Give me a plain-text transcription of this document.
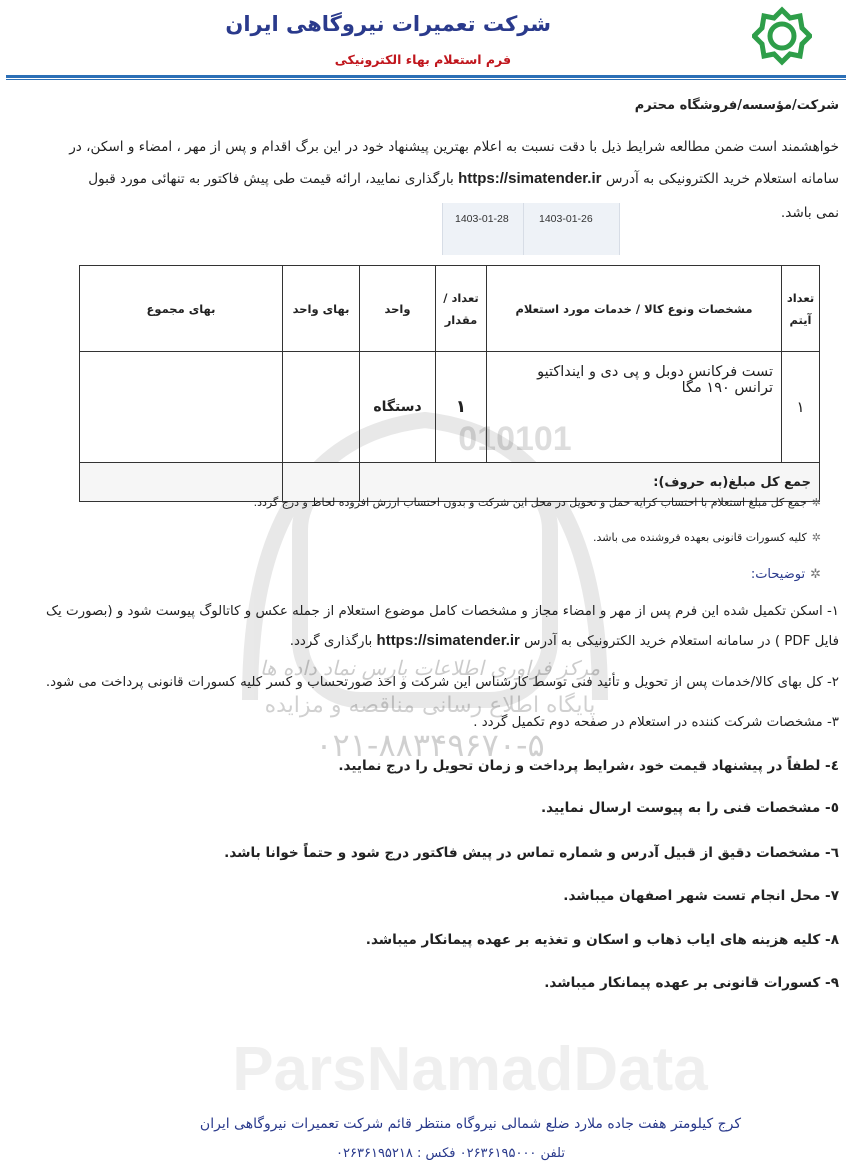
010101
ParsNamadData
مرکز فراوری اطلاعات پارس نماد داده ها
پایگاه اطلاع رسانی مناقصه و مزایده
۰۲۱-۸۸۳۴۹۶۷۰-۵
شرکت تعمیرات نیروگاهی ایران
فرم استعلام بهاء الکترونیکی
شرکت/مؤسسه/فروشگاه محترم
خواهشمند است ضمن مطالعه شرایط ذیل با دقت نسبت به اعلام بهترین پیشنهاد خود در این برگ اقدام و پس از مهر ، امضاء و اسکن، در
سامانه استعلام خرید الکترونیکی به آدرس https://simatender.ir بارگذاری نمایید، ارائه قیمت طی پیش فاکتور به تنهائی مورد قبول
نمی باشد.
1403-01-28	1403-01-26
تعداد آیتم	مشخصات ونوع کالا / خدمات مورد استعلام	تعداد / مقدار	واحد	بهای واحد	بهای مجموع
۱	تست فرکانس دوبل و پی دی و اینداکتیو ترانس ۱۹۰ مگا	۱	دستگاه		
جمع کل مبلغ(به حروف):					
✲جمع کل مبلغ استعلام با احتساب کرایه حمل و تحویل در محل این شرکت و بدون احتساب ارزش افزوده لحاظ و درج گردد.
✲کلیه کسورات قانونی بعهده فروشنده می باشد.
✲توضیحات:
۱- اسکن تکمیل شده این فرم پس از مهر و امضاء مجاز و مشخصات کامل موضوع استعلام از جمله عکس و کاتالوگ پیوست شود و (بصورت یک
فایل PDF ) در سامانه استعلام خرید الکترونیکی به آدرس https://simatender.ir بارگذاری گردد.
۲- کل بهای کالا/خدمات پس از تحویل و تأئید فنی توسط کارشناس این شرکت و اخذ صورتحساب و کسر کلیه کسورات قانونی پرداخت می شود.
۳- مشخصات شرکت کننده در استعلام در صفحه دوم تکمیل گردد .
٤- لطفاً در پیشنهاد قیمت خود ،شرایط پرداخت و زمان تحویل را درج نمایید.
٥- مشخصات فنی را به پیوست ارسال نمایید.
٦- مشخصات دقیق از قبیل آدرس و شماره تماس در پیش فاکتور درج شود و حتماً خوانا باشد.
۷- محل انجام تست شهر اصفهان میباشد.
۸- کلیه هزینه های ایاب ذهاب و اسکان و تغذیه بر عهده پیمانکار میباشد.
۹- کسورات قانونی بر عهده پیمانکار میباشد.
کرج کیلومتر هفت جاده ملارد ضلع شمالی نیروگاه منتظر قائم شرکت تعمیرات نیروگاهی ایران
تلفن ۰۲۶۳۶۱۹۵۰۰۰ فکس : ۰۲۶۳۶۱۹۵۲۱۸
